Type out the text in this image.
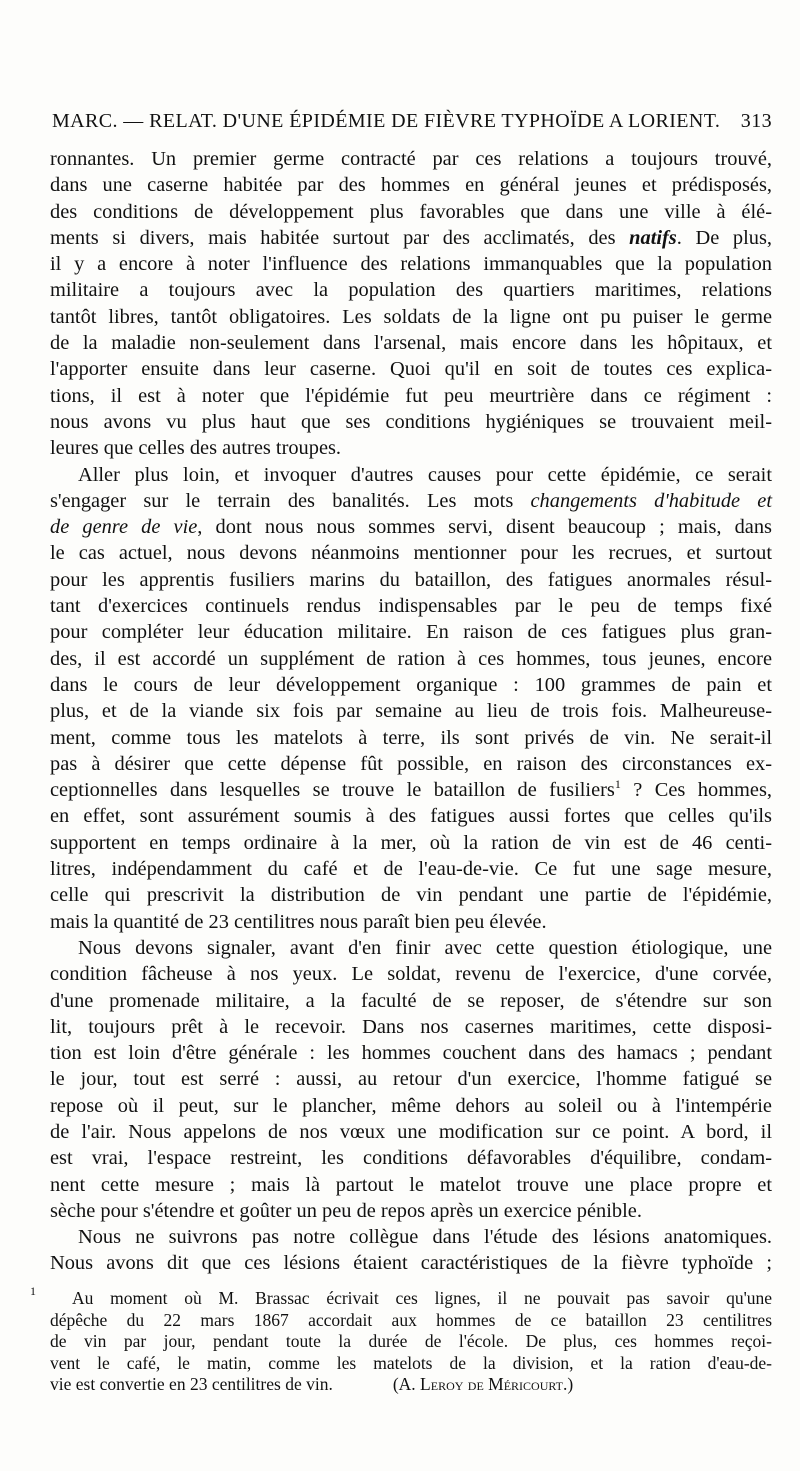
MARC. — RELAT. D'UNE ÉPIDÉMIE DE FIÈVRE TYPHOÏDE A LORIENT. 313

ronnantes. Un premier germe contracté par ces relations a toujours trouvé,
dans une caserne habitée par des hommes en général jeunes et prédisposés,
des conditions de développement plus favorables que dans une ville à élé-
ments si divers, mais habitée surtout par des acclimatés, des natifs. De plus,
il y a encore à noter l'influence des relations immanquables que la population
militaire a toujours avec la population des quartiers maritimes, relations
tantôt libres, tantôt obligatoires. Les soldats de la ligne ont pu puiser le germe
de la maladie non-seulement dans l'arsenal, mais encore dans les hôpitaux, et
l'apporter ensuite dans leur caserne. Quoi qu'il en soit de toutes ces explica-
tions, il est à noter que l'épidémie fut peu meurtrière dans ce régiment :
nous avons vu plus haut que ses conditions hygiéniques se trouvaient meil-
leures que celles des autres troupes.

Aller plus loin, et invoquer d'autres causes pour cette épidémie, ce serait
s'engager sur le terrain des banalités. Les mots changements d'habitude et
de genre de vie, dont nous nous sommes servi, disent beaucoup ; mais, dans
le cas actuel, nous devons néanmoins mentionner pour les recrues, et surtout
pour les apprentis fusiliers marins du bataillon, des fatigues anormales résul-
tant d'exercices continuels rendus indispensables par le peu de temps fixé
pour compléter leur éducation militaire. En raison de ces fatigues plus gran-
des, il est accordé un supplément de ration à ces hommes, tous jeunes, encore
dans le cours de leur développement organique : 100 grammes de pain et
plus, et de la viande six fois par semaine au lieu de trois fois. Malheureuse-
ment, comme tous les matelots à terre, ils sont privés de vin. Ne serait-il
pas à désirer que cette dépense fût possible, en raison des circonstances ex-
ceptionnelles dans lesquelles se trouve le bataillon de fusiliers$^1$ ? Ces hommes,
en effet, sont assurément soumis à des fatigues aussi fortes que celles qu'ils
supportent en temps ordinaire à la mer, où la ration de vin est de 46 centi-
litres, indépendamment du café et de l'eau-de-vie. Ce fut une sage mesure,
celle qui prescrivit la distribution de vin pendant une partie de l'épidémie,
mais la quantité de 23 centilitres nous paraît bien peu élevée.

Nous devons signaler, avant d'en finir avec cette question étiologique, une
condition fâcheuse à nos yeux. Le soldat, revenu de l'exercice, d'une corvée,
d'une promenade militaire, a la faculté de se reposer, de s'étendre sur son
lit, toujours prêt à le recevoir. Dans nos casernes maritimes, cette disposi-
tion est loin d'être générale : les hommes couchent dans des hamacs ; pendant
le jour, tout est serré : aussi, au retour d'un exercice, l'homme fatigué se
repose où il peut, sur le plancher, même dehors au soleil ou à l'intempérie
de l'air. Nous appelons de nos vœux une modification sur ce point. A bord, il
est vrai, l'espace restreint, les conditions défavorables d'équilibre, condam-
nent cette mesure ; mais là partout le matelot trouve une place propre et
sèche pour s'étendre et goûter un peu de repos après un exercice pénible.

Nous ne suivrons pas notre collègue dans l'étude des lésions anatomiques.
Nous avons dit que ces lésions étaient caractéristiques de la fièvre typhoïde ;

1	Au moment où M. Brassac écrivait ces lignes, il ne pouvait pas savoir qu'une
dépêche du 22 mars 1867 accordait aux hommes de ce bataillon 23 centilitres
de vin par jour, pendant toute la durée de l'école. De plus, ces hommes reçoi-
vent le café, le matin, comme les matelots de la division, et la ration d'eau-de-
vie est convertie en 23 centilitres de vin.	(A. Leroy de Méricourt.)
